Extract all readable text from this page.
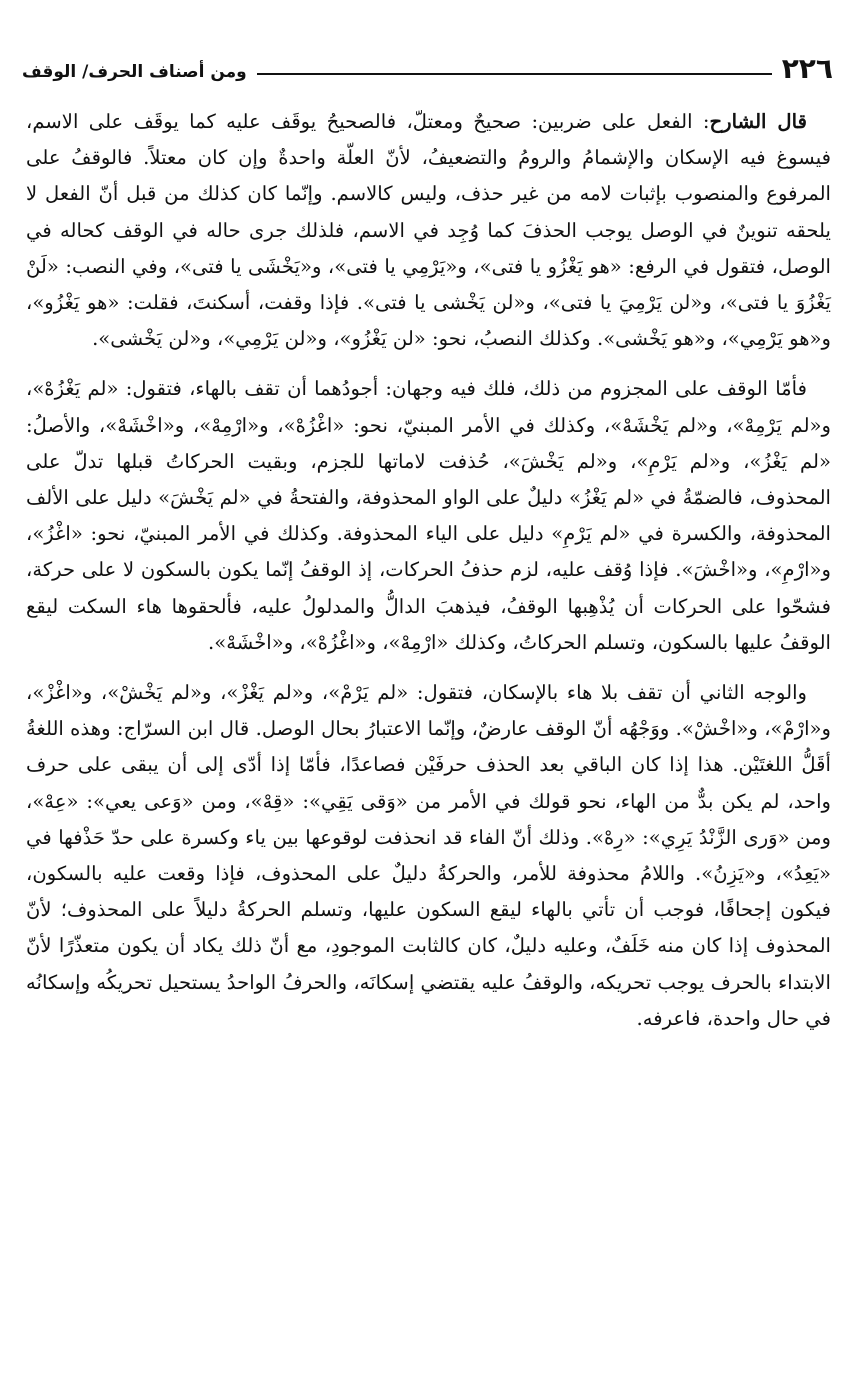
٢٢٦
ومن أصناف الحرف/ الوقف

قال الشارح: الفعل على ضربين: صحيحٌ ومعتلّ، فالصحيحُ يوقَف عليه كما يوقَف على الاسم، فيسوغ فيه الإسكان والإشمامُ والرومُ والتضعيفُ، لأنّ العلّة واحدةٌ وإن كان معتلاً. فالوقفُ على المرفوع والمنصوب بإثبات لامه من غير حذف، وليس كالاسم. وإنّما كان كذلك من قبل أنّ الفعل لا يلحقه تنوينٌ في الوصل يوجب الحذفَ كما وُجِد في الاسم، فلذلك جرى حاله في الوقف كحاله في الوصل، فتقول في الرفع: «هو يَغْزُو يا فتى»، و«يَرْمِي يا فتى»، و«يَخْشَى يا فتى»، وفي النصب: «لَنْ يَغْزُوَ يا فتى»، و«لن يَرْمِيَ يا فتى»، و«لن يَخْشى يا فتى». فإذا وقفت، أسكنتَ، فقلت: «هو يَغْزُو»، و«هو يَرْمِي»، و«هو يَخْشى». وكذلك النصبُ، نحو: «لن يَغْزُو»، و«لن يَرْمِي»، و«لن يَخْشى».

فأمّا الوقف على المجزوم من ذلك، فلك فيه وجهان: أجودُهما أن تقف بالهاء، فتقول: «لم يَغْزُهْ»، و«لم يَرْمِهْ»، و«لم يَخْشَهْ»، وكذلك في الأمر المبنيّ، نحو: «اغْزُهْ»، و«ارْمِهْ»، و«اخْشَهْ»، والأصلُ: «لم يَغْزُ»، و«لم يَرْمِ»، و«لم يَخْشَ»، حُذفت لاماتها للجزم، وبقيت الحركاتُ قبلها تدلّ على المحذوف، فالضمّةُ في «لم يَغْزُ» دليلٌ على الواو المحذوفة، والفتحةُ في «لم يَخْشَ» دليل على الألف المحذوفة، والكسرة في «لم يَرْمِ» دليل على الياء المحذوفة. وكذلك في الأمر المبنيّ، نحو: «اغْزُ»، و«ارْمِ»، و«اخْشَ». فإذا وُقف عليه، لزم حذفُ الحركات، إذ الوقفُ إنّما يكون بالسكون لا على حركة، فشحّوا على الحركات أن يُذْهِبها الوقفُ، فيذهبَ الدالُّ والمدلولُ عليه، فألحقوها هاء السكت ليقع الوقفُ عليها بالسكون، وتسلم الحركاتُ، وكذلك «ارْمِهْ»، و«اغْزُهْ»، و«اخْشَهْ».

والوجه الثاني أن تقف بلا هاء بالإسكان، فتقول: «لم يَرْمْ»، و«لم يَغْزْ»، و«لم يَخْشْ»، و«اغْزْ»، و«ارْمْ»، و«اخْشْ». ووَجْهُه أنّ الوقف عارضٌ، وإنّما الاعتبارُ بحال الوصل. قال ابن السرّاج: وهذه اللغةُ أقَلُّ اللغتَيْن. هذا إذا كان الباقي بعد الحذف حرفَيْن فصاعدًا، فأمّا إذا أدّى إلى أن يبقى على حرف واحد، لم يكن بدٌّ من الهاء، نحو قولك في الأمر من «وَقى يَقِي»: «قِهْ»، ومن «وَعى يعي»: «عِهْ»، ومن «وَرى الزَّنْدُ يَرِي»: «رِهْ». وذلك أنّ الفاء قد انحذفت لوقوعها بين ياء وكسرة على حدّ حَذْفها في «يَعِدُ»، و«يَزِنُ». واللامُ محذوفة للأمر، والحركةُ دليلٌ على المحذوف، فإذا وقعت عليه بالسكون، فيكون إجحافًا، فوجب أن تأتي بالهاء ليقع السكون عليها، وتسلم الحركةُ دليلاً على المحذوف؛ لأنّ المحذوف إذا كان منه خَلَفٌ، وعليه دليلٌ، كان كالثابت الموجودِ، مع أنّ ذلك يكاد أن يكون متعذّرًا لأنّ الابتداء بالحرف يوجب تحريكه، والوقفُ عليه يقتضي إسكانَه، والحرفُ الواحدُ يستحيل تحريكُه وإسكانُه في حال واحدة، فاعرفه.
